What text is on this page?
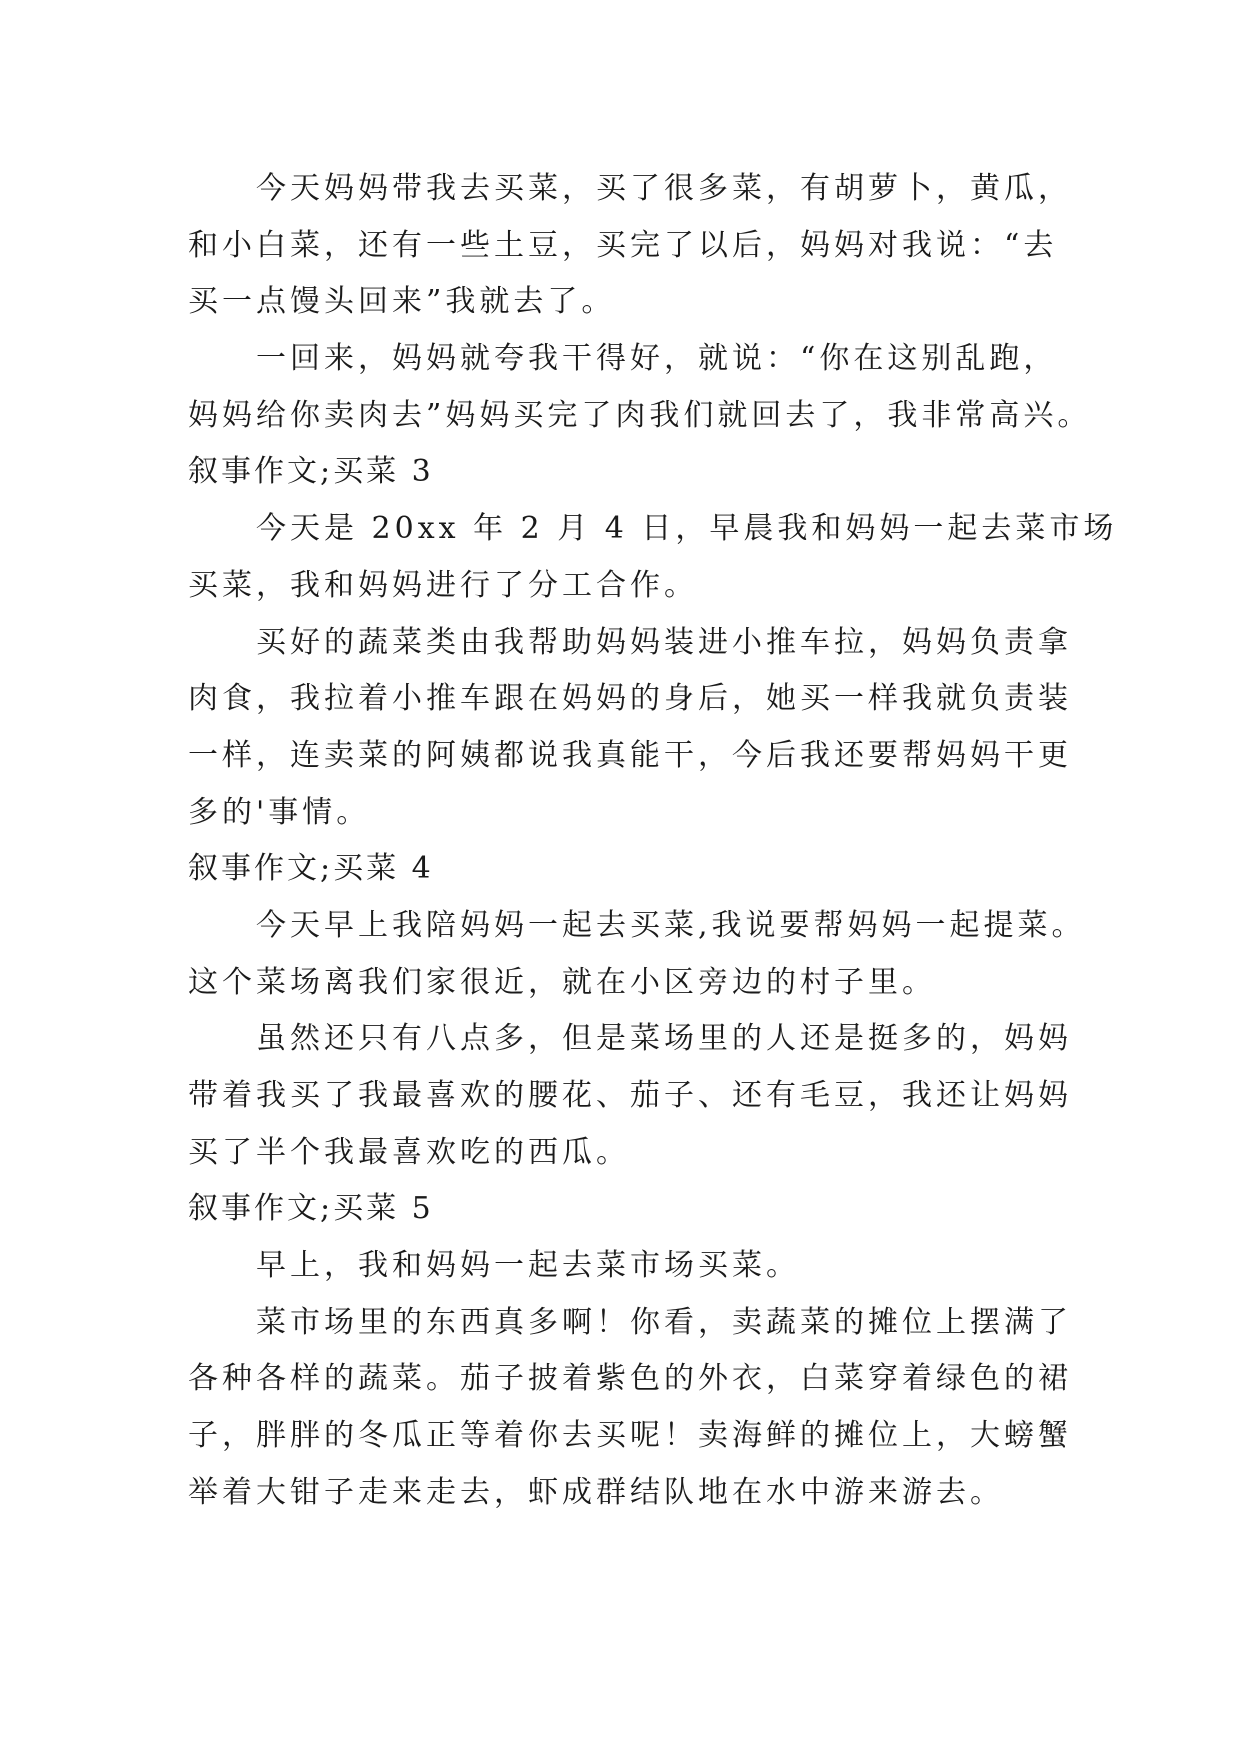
今天妈妈带我去买菜，买了很多菜，有胡萝卜，黄瓜，
和小白菜，还有一些土豆，买完了以后，妈妈对我说：“去
买一点馒头回来”我就去了。
一回来，妈妈就夸我干得好，就说：“你在这别乱跑，
妈妈给你卖肉去”妈妈买完了肉我们就回去了，我非常高兴。
叙事作文;买菜 3
今天是 20xx 年 2 月 4 日，早晨我和妈妈一起去菜市场
买菜，我和妈妈进行了分工合作。
买好的蔬菜类由我帮助妈妈装进小推车拉，妈妈负责拿
肉食，我拉着小推车跟在妈妈的身后，她买一样我就负责装
一样，连卖菜的阿姨都说我真能干，今后我还要帮妈妈干更
多的'事情。
叙事作文;买菜 4
今天早上我陪妈妈一起去买菜,我说要帮妈妈一起提菜。
这个菜场离我们家很近，就在小区旁边的村子里。
虽然还只有八点多，但是菜场里的人还是挺多的，妈妈
带着我买了我最喜欢的腰花、茄子、还有毛豆，我还让妈妈
买了半个我最喜欢吃的西瓜。
叙事作文;买菜 5
早上，我和妈妈一起去菜市场买菜。
菜市场里的东西真多啊！你看，卖蔬菜的摊位上摆满了
各种各样的蔬菜。茄子披着紫色的外衣，白菜穿着绿色的裙
子，胖胖的冬瓜正等着你去买呢！卖海鲜的摊位上，大螃蟹
举着大钳子走来走去，虾成群结队地在水中游来游去。
